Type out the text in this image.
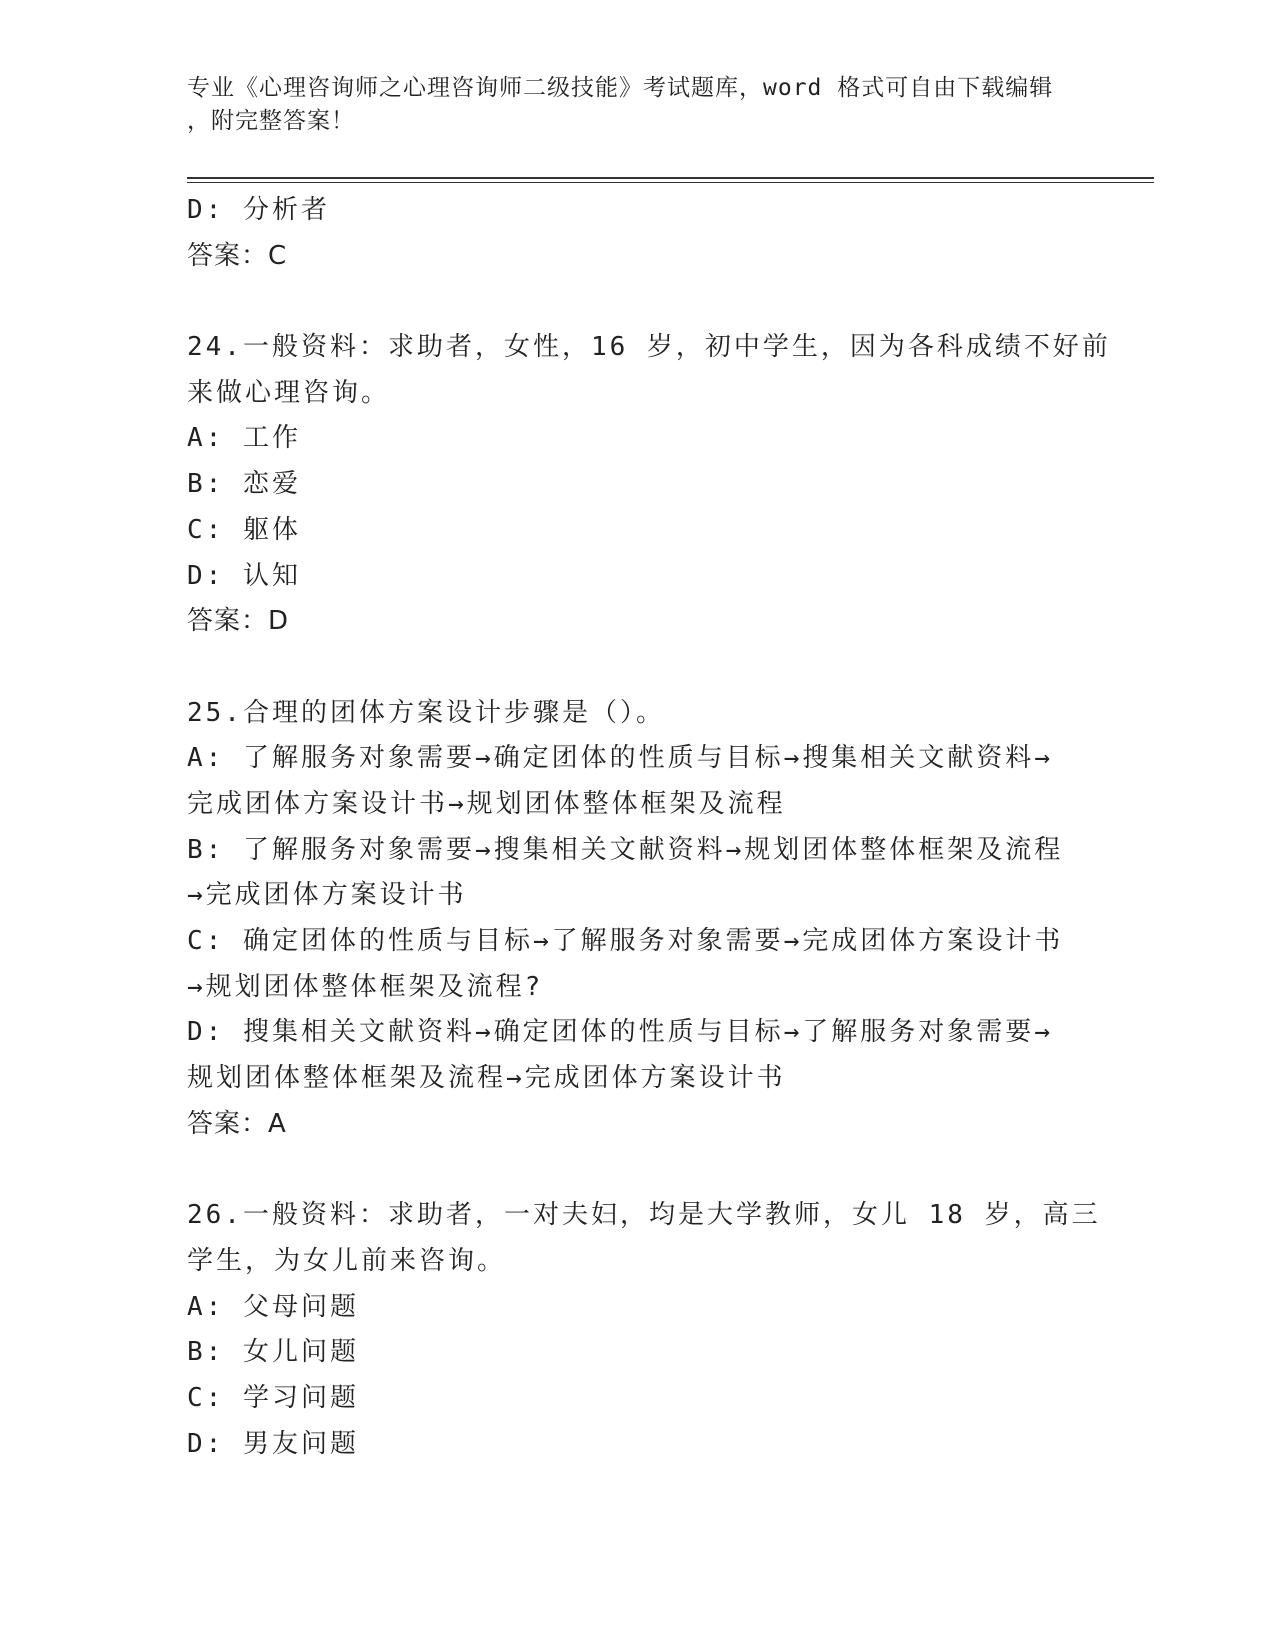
专业《心理咨询师之心理咨询师二级技能》考试题库，word 格式可自由下载编辑
，附完整答案！
D: 分析者
答案：C
24.一般资料：求助者，女性，16 岁，初中学生，因为各科成绩不好前
来做心理咨询。
A: 工作
B: 恋爱
C: 躯体
D: 认知
答案：D
25.合理的团体方案设计步骤是（）。
A: 了解服务对象需要→确定团体的性质与目标→搜集相关文献资料→
完成团体方案设计书→规划团体整体框架及流程
B: 了解服务对象需要→搜集相关文献资料→规划团体整体框架及流程
→完成团体方案设计书
C: 确定团体的性质与目标→了解服务对象需要→完成团体方案设计书
→规划团体整体框架及流程?
D: 搜集相关文献资料→确定团体的性质与目标→了解服务对象需要→
规划团体整体框架及流程→完成团体方案设计书
答案：A
26.一般资料：求助者，一对夫妇，均是大学教师，女儿 18 岁，高三
学生，为女儿前来咨询。
A: 父母问题
B: 女儿问题
C: 学习问题
D: 男友问题
